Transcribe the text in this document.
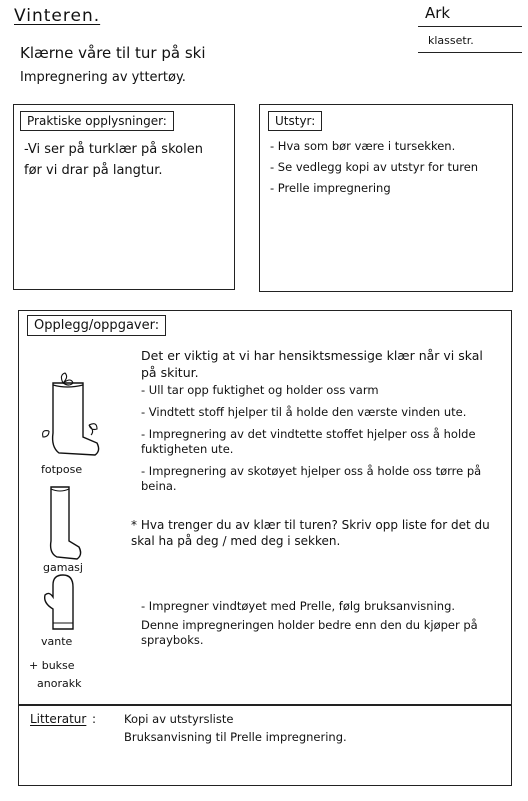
Vinteren.
Klærne våre til tur på ski
Impregnering av yttertøy.
Ark
klassetr.
Praktiske opplysninger:
-Vi ser på turklær på skolen før vi drar på langtur.
Utstyr:
- Hva som bør være i tursekken.
- Se vedlegg kopi av utstyr for turen
- Prelle impregnering
Opplegg/oppgaver:
Det er viktig at vi har hensiktsmessige klær når vi skal på skitur.
- Ull tar opp fuktighet og holder oss varm
- Vindtett stoff hjelper til å holde den værste vinden ute.
- Impregnering av det vindtette stoffet hjelper oss å holde fuktigheten ute.
- Impregnering av skotøyet hjelper oss å holde oss tørre på beina.
* Hva trenger du av klær til turen? Skriv opp liste for det du skal ha på deg / med deg i sekken.
- Impregner vindtøyet med Prelle, følg bruksanvisning.
Denne impregneringen holder bedre enn den du kjøper på sprayboks.
fotpose
gamasj
vante
+ bukse
anorakk
Litteratur : Kopi av utstyrsliste
Bruksanvisning til Prelle impregnering.
